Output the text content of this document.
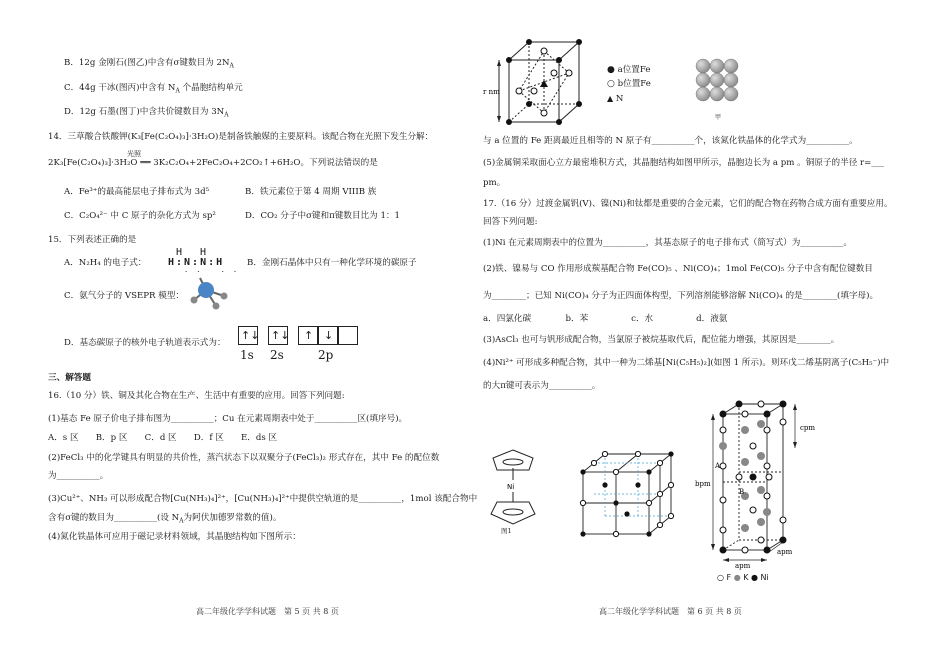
B．12g 金刚石(图乙)中含有σ键数目为 $2N_A$
C．44g 干冰(图丙)中含有 $N_A$ 个晶胞结构单元
D．12g 石墨(图丁)中含共价键数目为 $3N_A$
14．三草酸合铁酸钾(K₃[Fe(C₂O₄)₃]·3H₂O)是制备铁触媒的主要原料。该配合物在光照下发生分解：
光照
2K₃[Fe(C₂O₄)₃]·3H₂O ══ 3K₂C₂O₄+2FeC₂O₄+2CO₂↑+6H₂O。下列说法错误的是
A．Fe³⁺的最高能层电子排布式为 3d⁵	B．铁元素位于第 4 周期 VIIIB 族
C．C₂O₄²⁻ 中 C 原子的杂化方式为 sp²	D．CO₂ 分子中σ键和π键数目比为 1：1
15．下列表述正确的是
A．N₂H₄ 的电子式：
HH
H:N:N:H
·· ··
B．金刚石晶体中只有一种化学环境的碳原子
C．氨气分子的 VSEPR 模型：
D．基态碳原子的核外电子轨道表示式为：
↑↓ ↑↓ ↑ ↓
1s 2s	2p
三、解答题
16.（10 分）铁、铜及其化合物在生产、生活中有重要的应用。回答下列问题:
(1)基态 Fe 原子价电子排布图为__________；Cu 在元素周期表中处于__________区(填序号)。
A．s 区　　B．p 区　　C．d 区　　D．f 区　　E．ds 区
(2)FeCl₃ 中的化学键具有明显的共价性，蒸汽状态下以双聚分子(FeCl₃)₂ 形式存在，其中 Fe 的配位数
为__________。
(3)Cu²⁺、NH₃ 可以形成配合物[Cu(NH₃)₄]²⁺，[Cu(NH₃)₄]²⁺中提供空轨道的是__________，1mol 该配合物中
含有σ键的数目为__________(设 $N_A$为阿伏加德罗常数的值)。
(4)氮化铁晶体可应用于磁记录材料领域，其晶胞结构如下图所示：
高二年级化学学科试题　第 5 页 共 8 页
r nm
● a位置Fe
○ b位置Fe
▲ N
甲
与 a 位置的 Fe 距离最近且相等的 N 原子有__________个，该氮化铁晶体的化学式为__________。
(5)金属铜采取面心立方最密堆积方式，其晶胞结构如图甲所示，晶胞边长为 a pm 。铜原子的半径 r=___
pm。
17.（16 分）过渡金属钒(V)、镍(Ni)和钛都是重要的合金元素，它们的配合物在药物合成方面有重要应用。
回答下列问题:
(1)Ni 在元素周期表中的位置为__________，其基态原子的电子排布式（简写式）为__________。
(2)铁、镍易与 CO 作用形成羰基配合物 Fe(CO)₅ 、Ni(CO)₄；1mol Fe(CO)₅ 分子中含有配位键数目
为________；已知 Ni(CO)₄ 分子为正四面体构型，下列溶剂能够溶解 Ni(CO)₄ 的是________(填字母)。
a．四氯化碳　　　　b．苯　　　　　c．水　　　　　d．液氨
(3)AsCl₃ 也可与钒形成配合物，当氯原子被烷基取代后，配位能力增强，其原因是________。
(4)Ni²⁺ 可形成多种配合物，其中一种为二烯基[Ni(C₅H₅)₂](如图 1 所示)。则环戊二烯基阴离子(C₅H₅⁻)中
的大π键可表示为__________。
Ni
图1
cpm
bpm
apm
apm
A
B
○ F ● K ● Ni
高二年级化学学科试题　第 6 页 共 8 页
